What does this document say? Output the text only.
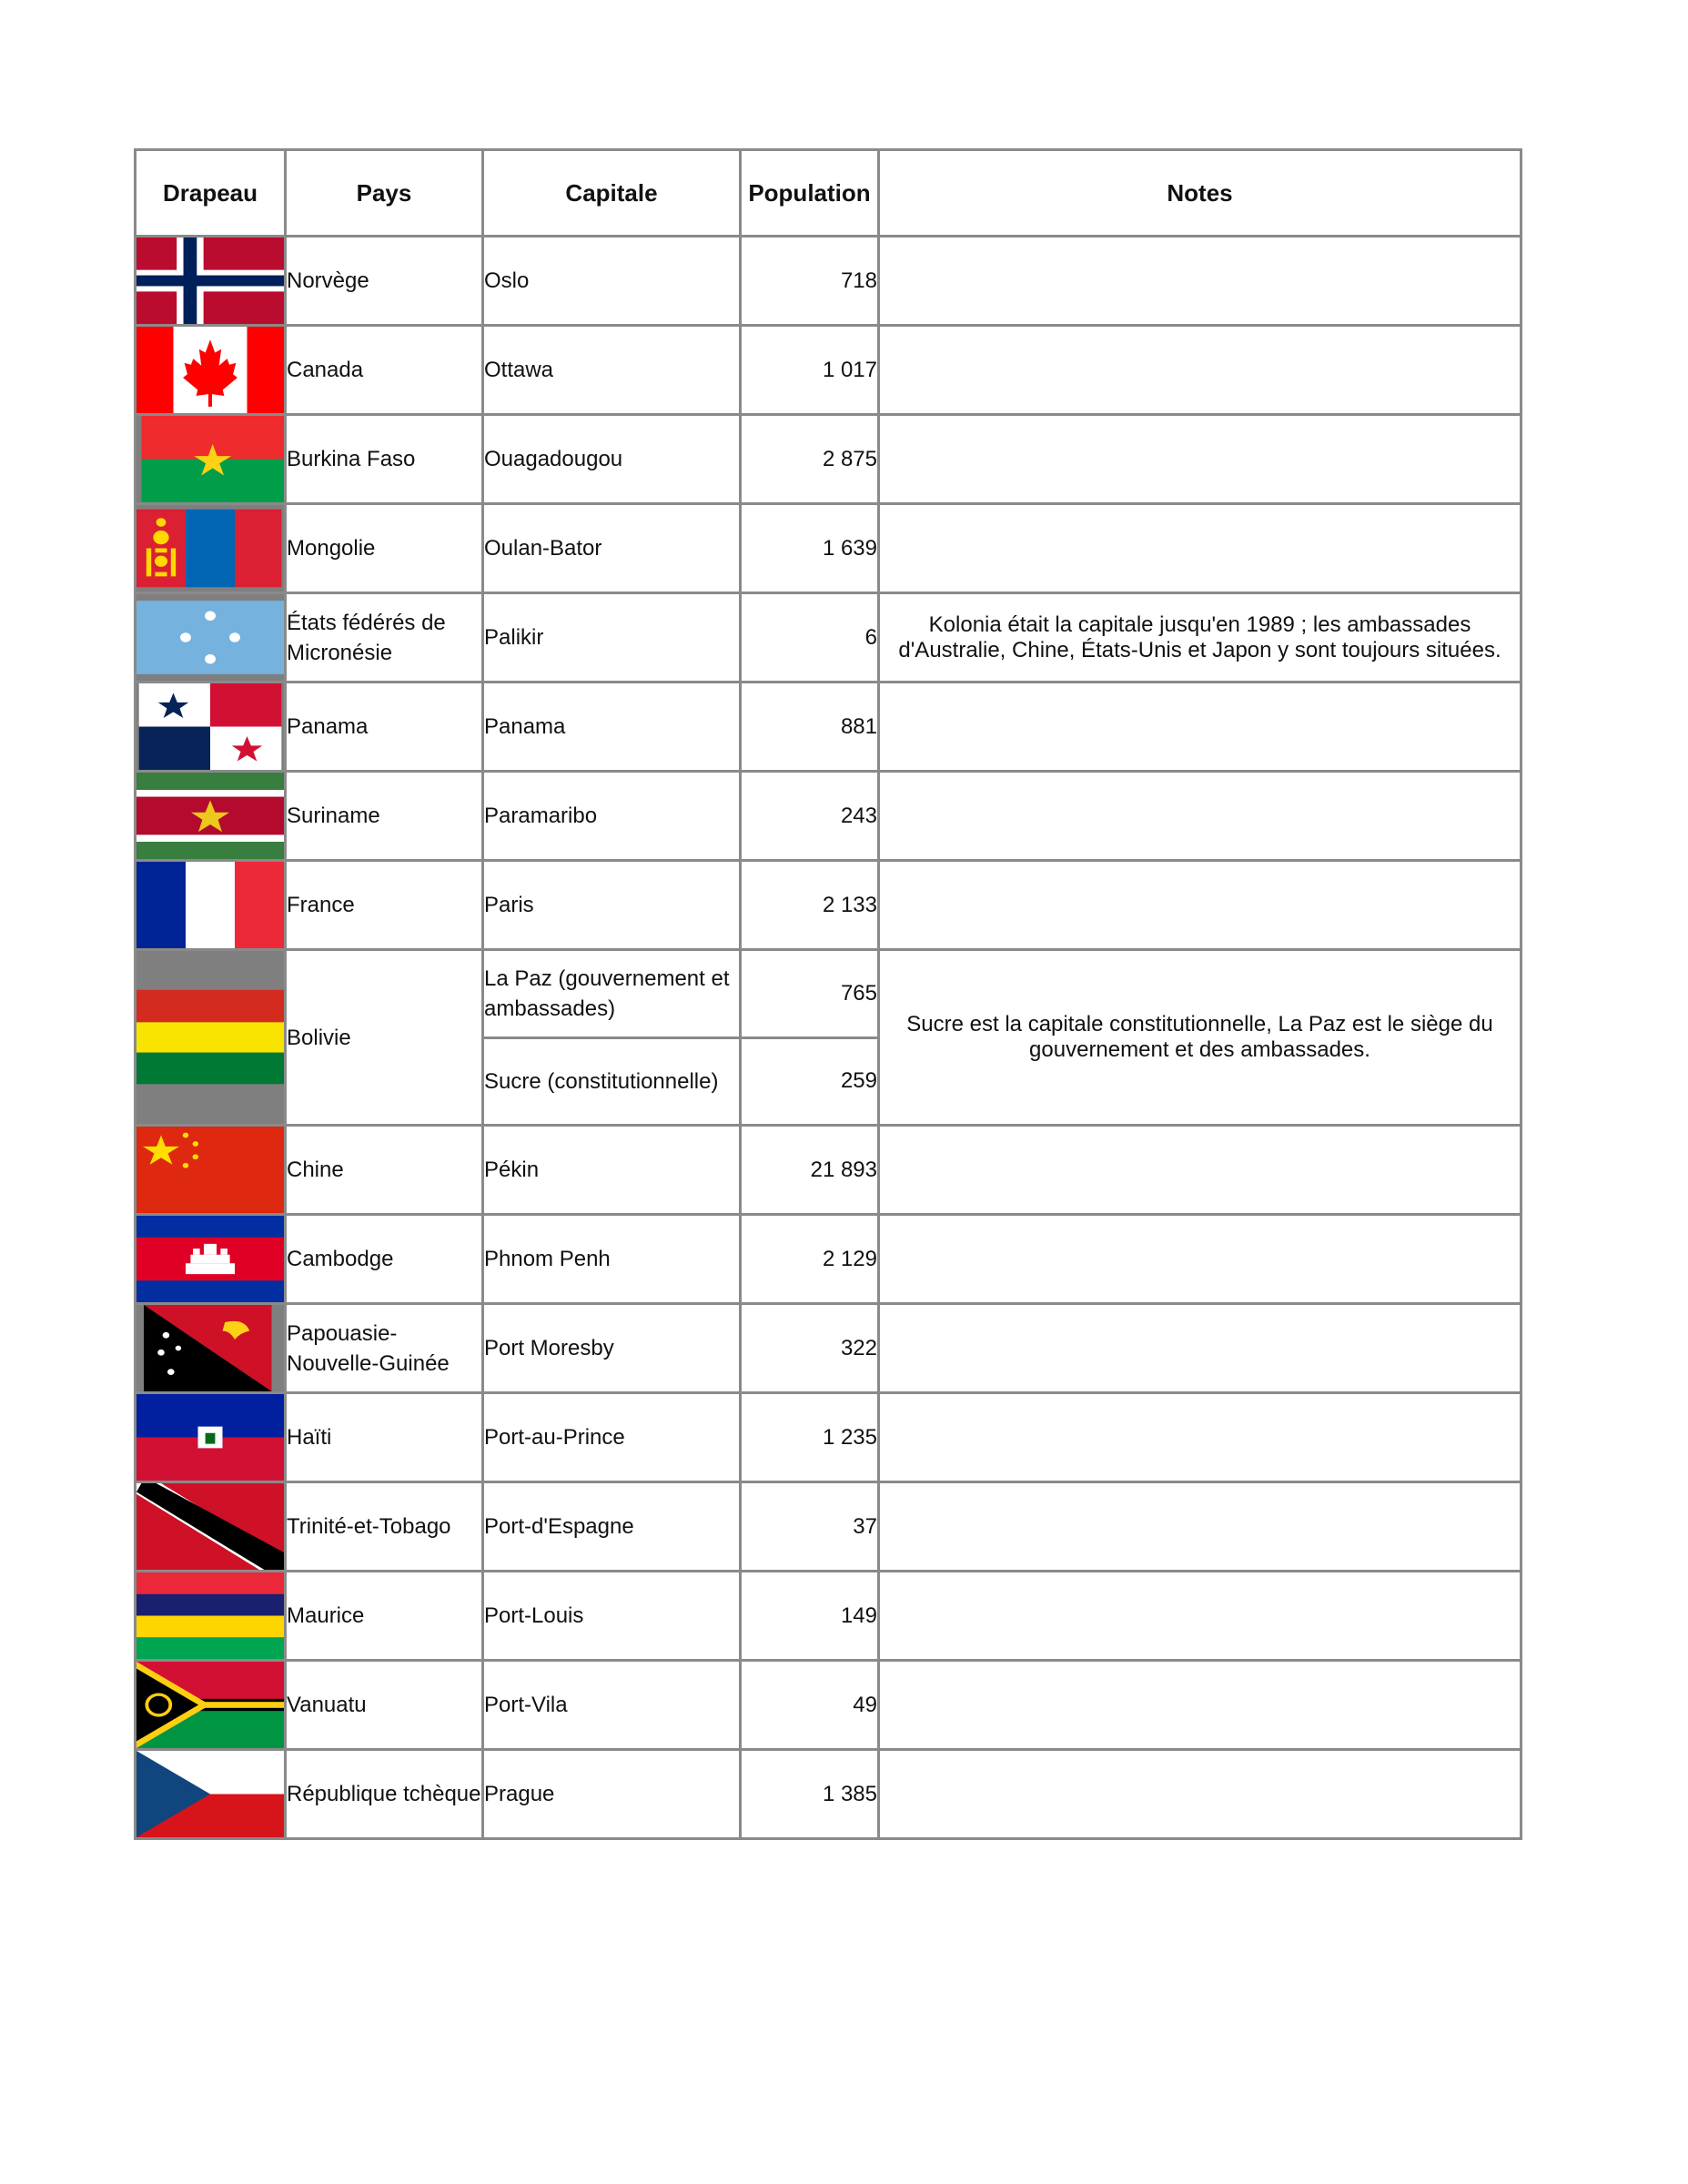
Drapeau	Pays	Capitale	Population	Notes

	Norvège	Oslo	718	

	Canada	Ottawa	1 017	

	Burkina Faso	Ouagadougou	2 875	

	Mongolie	Oulan-Bator	1 639	

	États fédérés de Micronésie	Palikir	6	Kolonia était la capitale jusqu'en 1989 ; les ambassades d'Australie, Chine, États-Unis et Japon y sont toujours situées.

	Panama	Panama	881	

	Suriname	Paramaribo	243	

	France	Paris	2 133	

	Bolivie	La Paz (gouvernement et ambassades)	765	Sucre est la capitale constitutionnelle, La Paz est le siège du gouvernement et des ambassades.
		Sucre (constitutionnelle)	259	

	Chine	Pékin	21 893	

	Cambodge	Phnom Penh	2 129	

	Papouasie-Nouvelle-Guinée	Port Moresby	322	

	Haïti	Port-au-Prince	1 235	

	Trinité-et-Tobago	Port-d'Espagne	37	

	Maurice	Port-Louis	149	

	Vanuatu	Port-Vila	49	

	République tchèque	Prague	1 385	
